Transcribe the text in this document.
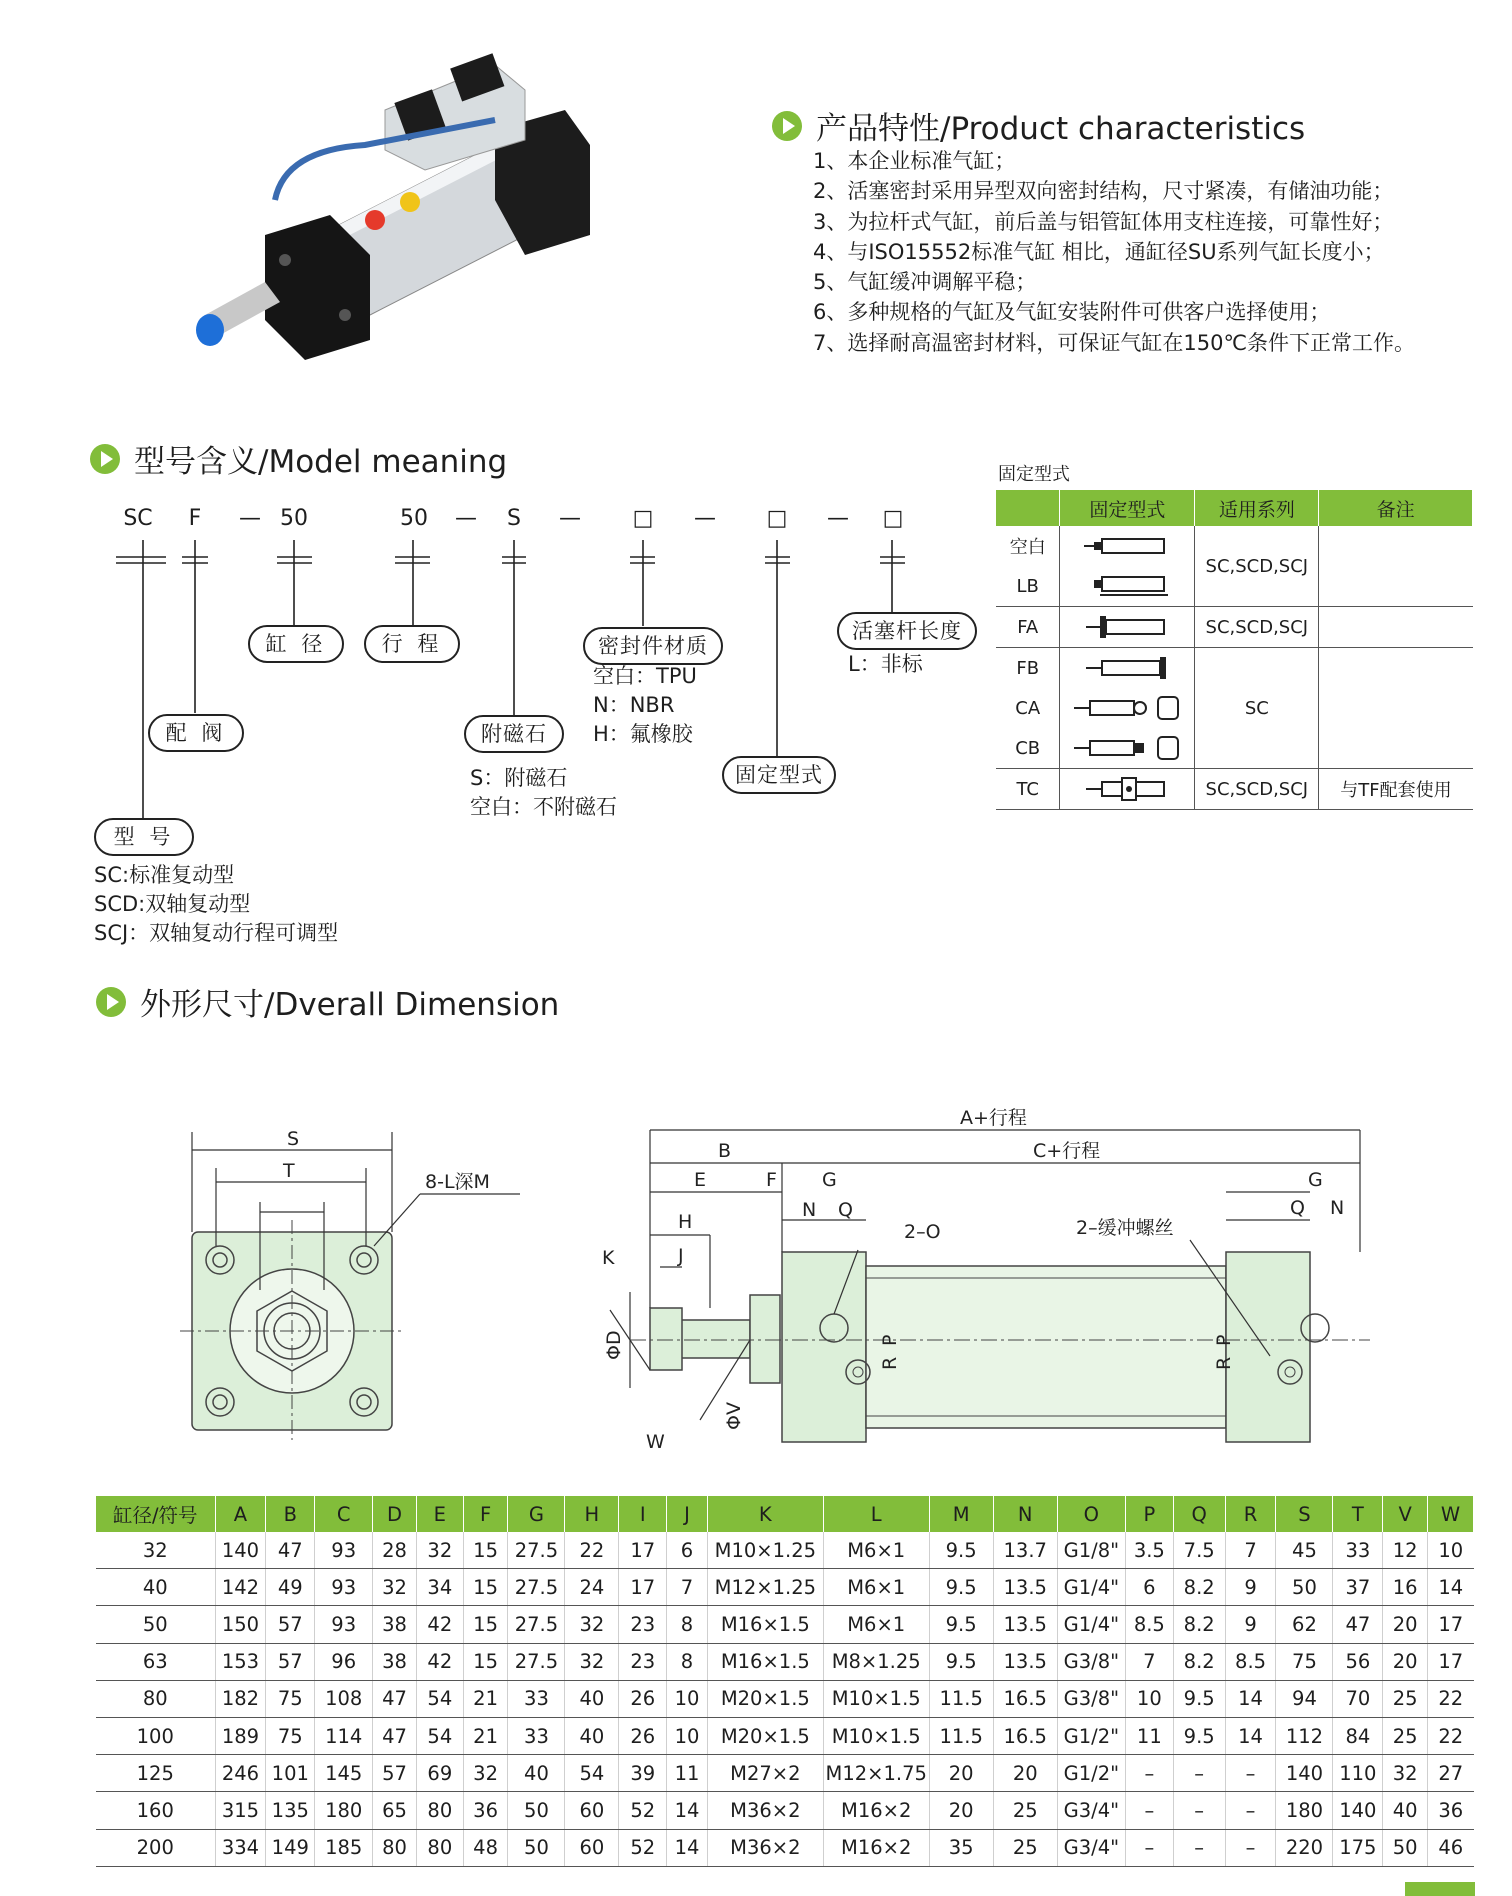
产品特性/Product characteristics
1、本企业标准气缸；
2、活塞密封采用异型双向密封结构，尺寸紧凑，有储油功能；
3、为拉杆式气缸，前后盖与铝管缸体用支柱连接，可靠性好；
4、与ISO15552标准气缸 相比，通缸径SU系列气缸长度小；
5、气缸缓冲调解平稳；
6、多种规格的气缸及气缸安装附件可供客户选择使用；
7、选择耐高温密封材料，可保证气缸在150℃条件下正常工作。
型号含义/Model meaning
SC F — 50	50 — S — □ — □ — □
缸 径	行 程	密封件材质
活塞杆长度
配 阀	附磁石
固定型式
型 号
空白：TPU
N：NBR
H：氟橡胶
L：非标
S：附磁石
空白：不附磁石
SC:标准复动型
SCD:双轴复动型
SCJ：双轴复动行程可调型
固定型式
	固定型式	适用系列	备注
空白		SC,SCD,SCJ	
LB	
FA		SC,SCD,SCJ	
FB		SC	
CA	
CB	
TC		SC,SCD,SCJ	与TF配套使用
外形尺寸/Dverall Dimension
S
T	8-L深M
A+行程
B	C+行程
E	F G
H
K	J
N Q
2–O	2–缓冲螺丝
G
Q N
ΦD
ΦV
W
R
P
R
P
缸径/符号	A	B	C	D	E	F	G	H	I	J	K	L	M	N	O	P	Q	R	S	T	V	W
32	140	47	93	28	32	15	27.5	22	17	6	M10×1.25	M6×1	9.5	13.7	G1/8"	3.5	7.5	7	45	33	12	10
40	142	49	93	32	34	15	27.5	24	17	7	M12×1.25	M6×1	9.5	13.5	G1/4"	6	8.2	9	50	37	16	14
50	150	57	93	38	42	15	27.5	32	23	8	M16×1.5	M6×1	9.5	13.5	G1/4"	8.5	8.2	9	62	47	20	17
63	153	57	96	38	42	15	27.5	32	23	8	M16×1.5	M8×1.25	9.5	13.5	G3/8"	7	8.2	8.5	75	56	20	17
80	182	75	108	47	54	21	33	40	26	10	M20×1.5	M10×1.5	11.5	16.5	G3/8"	10	9.5	14	94	70	25	22
100	189	75	114	47	54	21	33	40	26	10	M20×1.5	M10×1.5	11.5	16.5	G1/2"	11	9.5	14	112	84	25	22
125	246	101	145	57	69	32	40	54	39	11	M27×2	M12×1.75	20	20	G1/2"	–	–	–	140	110	32	27
160	315	135	180	65	80	36	50	60	52	14	M36×2	M16×2	20	25	G3/4"	–	–	–	180	140	40	36
200	334	149	185	80	80	48	50	60	52	14	M36×2	M16×2	35	25	G3/4"	–	–	–	220	175	50	46
